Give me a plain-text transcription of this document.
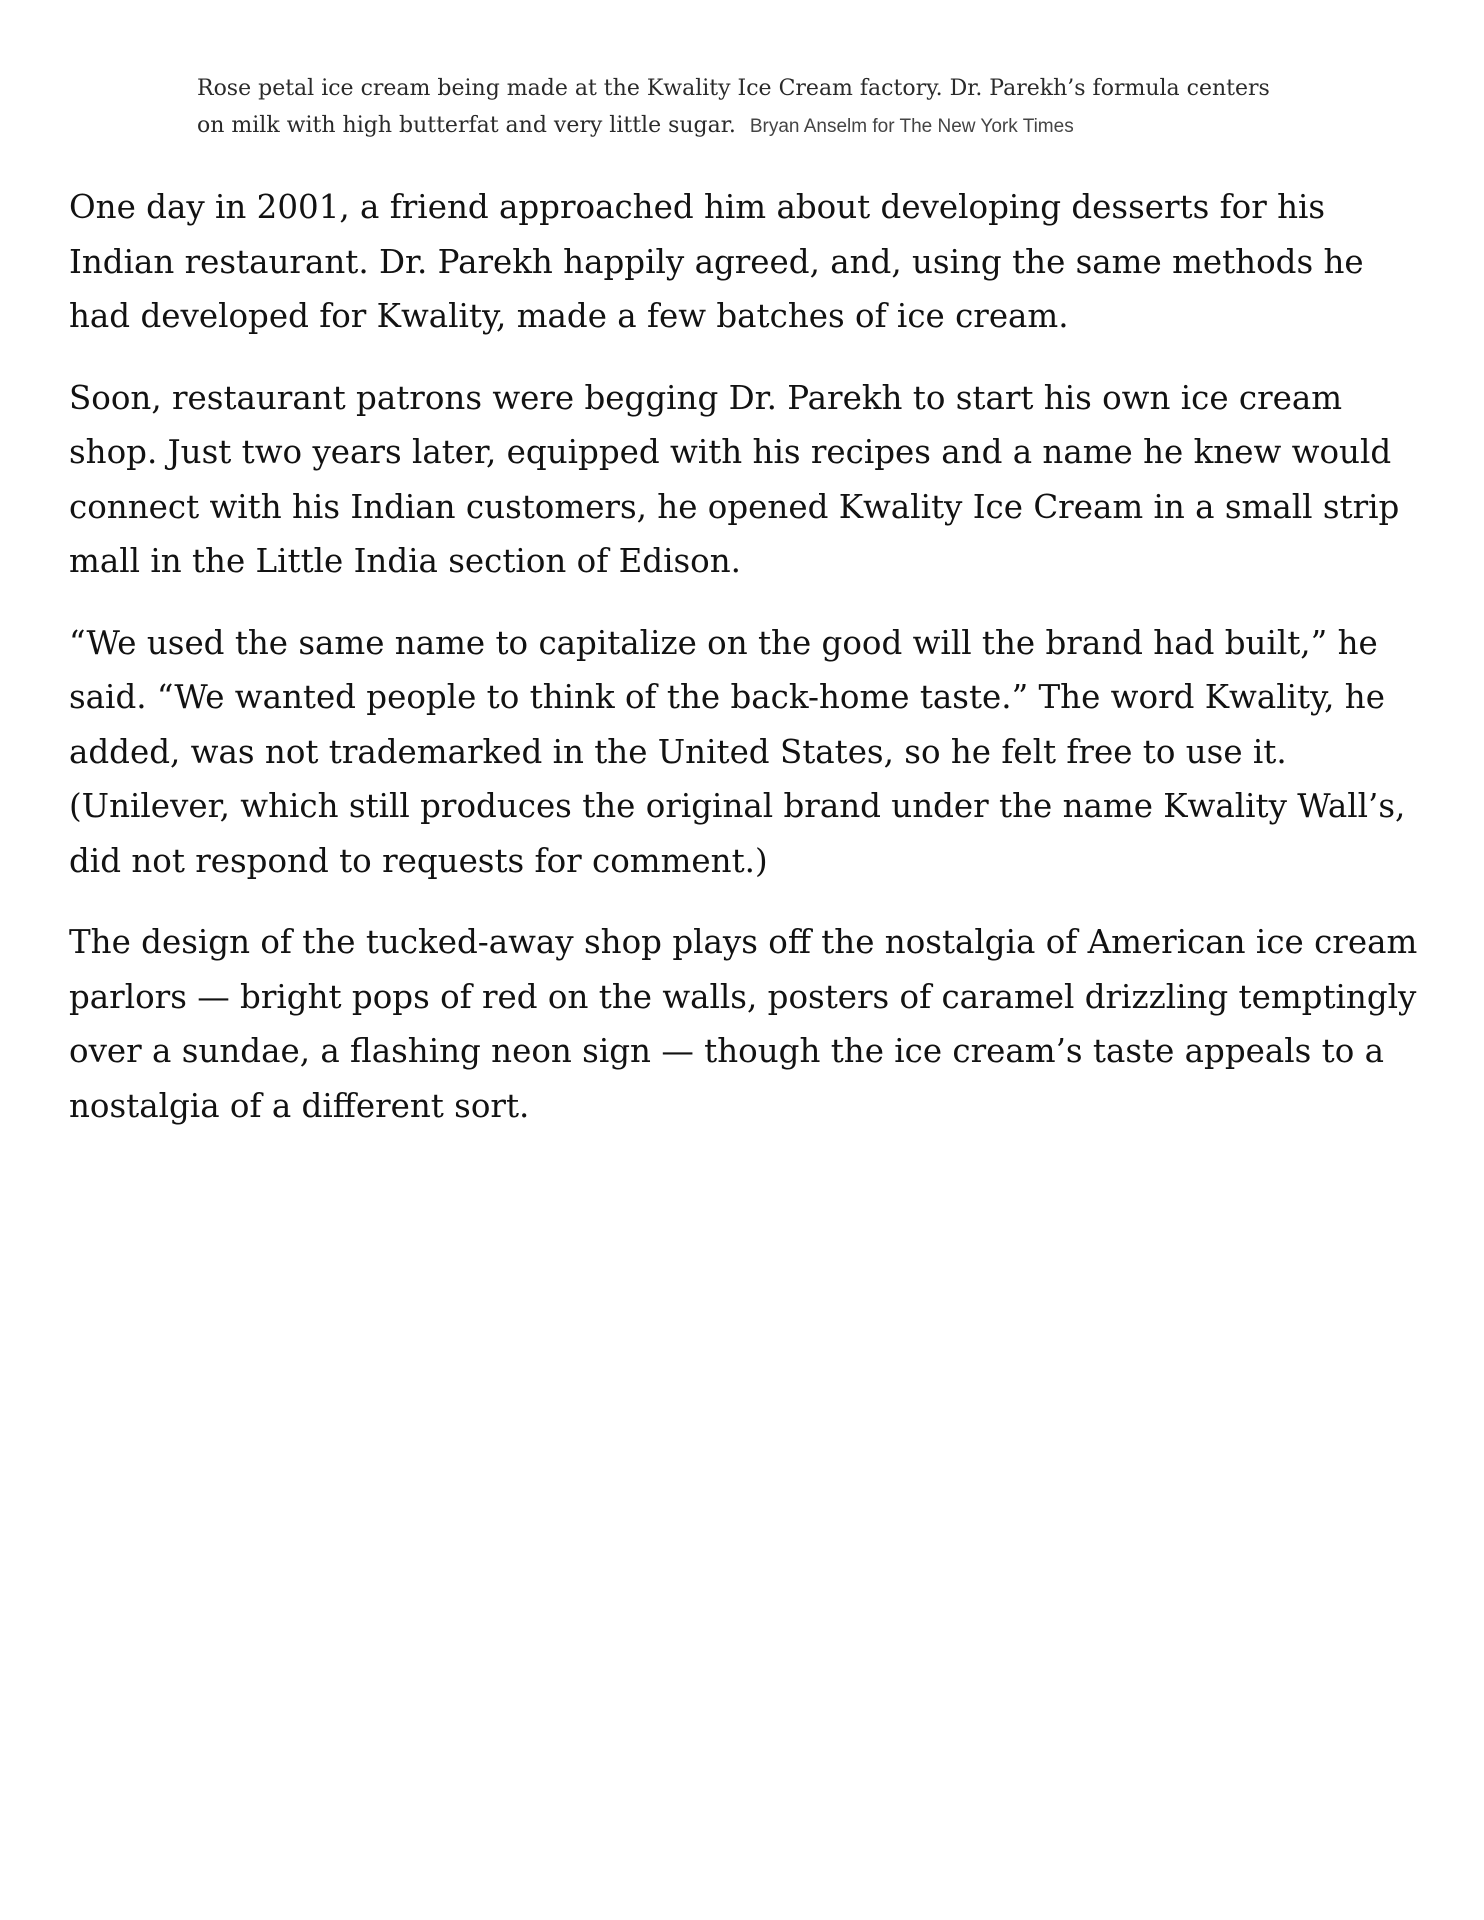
Rose petal ice cream being made at the Kwality Ice Cream factory. Dr. Parekh’s formula centers on milk with high butterfat and very little sugar. Bryan Anselm for The New York Times

One day in 2001, a friend approached him about developing desserts for his Indian restaurant. Dr. Parekh happily agreed, and, using the same methods he had developed for Kwality, made a few batches of ice cream.

Soon, restaurant patrons were begging Dr. Parekh to start his own ice cream shop. Just two years later, equipped with his recipes and a name he knew would connect with his Indian customers, he opened Kwality Ice Cream in a small strip mall in the Little India section of Edison.

“We used the same name to capitalize on the good will the brand had built,” he said. “We wanted people to think of the back-home taste.” The word Kwality, he added, was not trademarked in the United States, so he felt free to use it. (Unilever, which still produces the original brand under the name Kwality Wall’s, did not respond to requests for comment.)

The design of the tucked-away shop plays off the nostalgia of American ice cream parlors — bright pops of red on the walls, posters of caramel drizzling temptingly over a sundae, a flashing neon sign — though the ice cream’s taste appeals to a nostalgia of a different sort.
